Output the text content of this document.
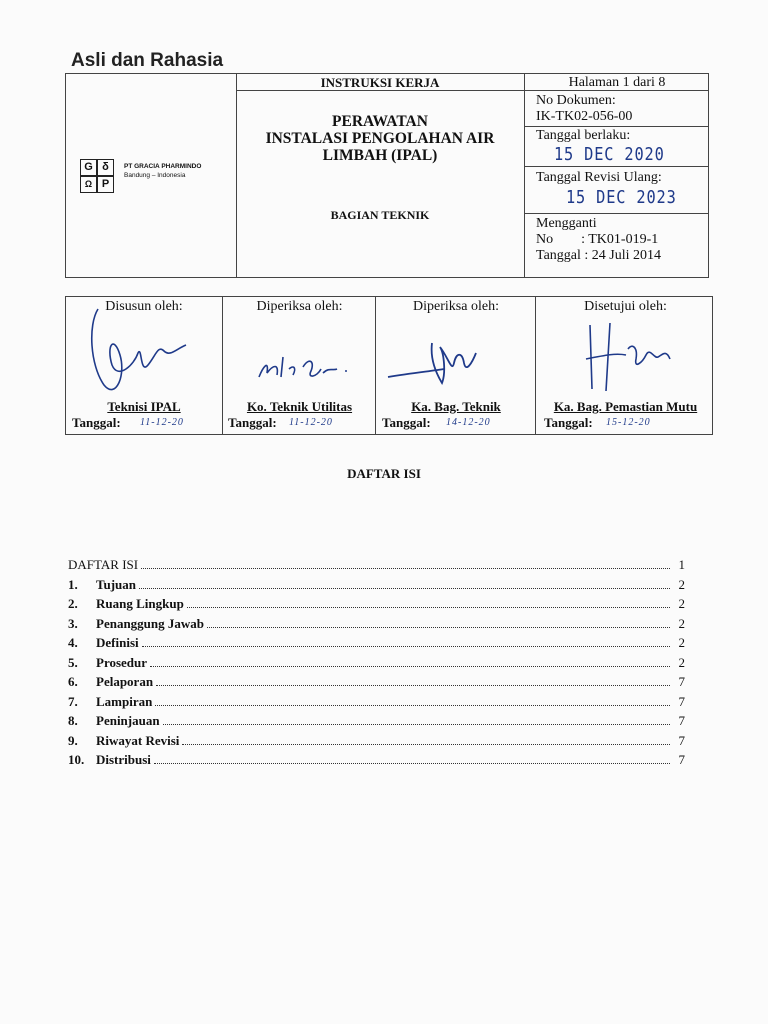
Asli dan Rahasia
G δ
Ω P
PT GRACIA PHARMINDO
Bandung – Indonesia
INSTRUKSI KERJA
PERAWATAN
INSTALASI PENGOLAHAN AIR
LIMBAH (IPAL)
BAGIAN TEKNIK
Halaman 1 dari 8
No Dokumen:
IK-TK02-056-00
Tanggal berlaku:
15 DEC 2020
Tanggal Revisi Ulang:
15 DEC 2023
Mengganti
No        : TK01-019-1
Tanggal : 24 Juli 2014
Disusun oleh:
Teknisi IPAL
Tanggal: 11-12-20
Diperiksa oleh:
Ko. Teknik Utilitas
Tanggal: 11-12-20
Diperiksa oleh:
Ka. Bag. Teknik
Tanggal: 14-12-20
Disetujui oleh:
Ka. Bag. Pemastian Mutu
Tanggal: 15-12-20
DAFTAR ISI
DAFTAR ISI	1
1.	Tujuan	2
2.	Ruang Lingkup	2
3.	Penanggung Jawab	2
4.	Definisi	2
5.	Prosedur	2
6.	Pelaporan	7
7.	Lampiran	7
8.	Peninjauan	7
9.	Riwayat Revisi	7
10. Distribusi	7
